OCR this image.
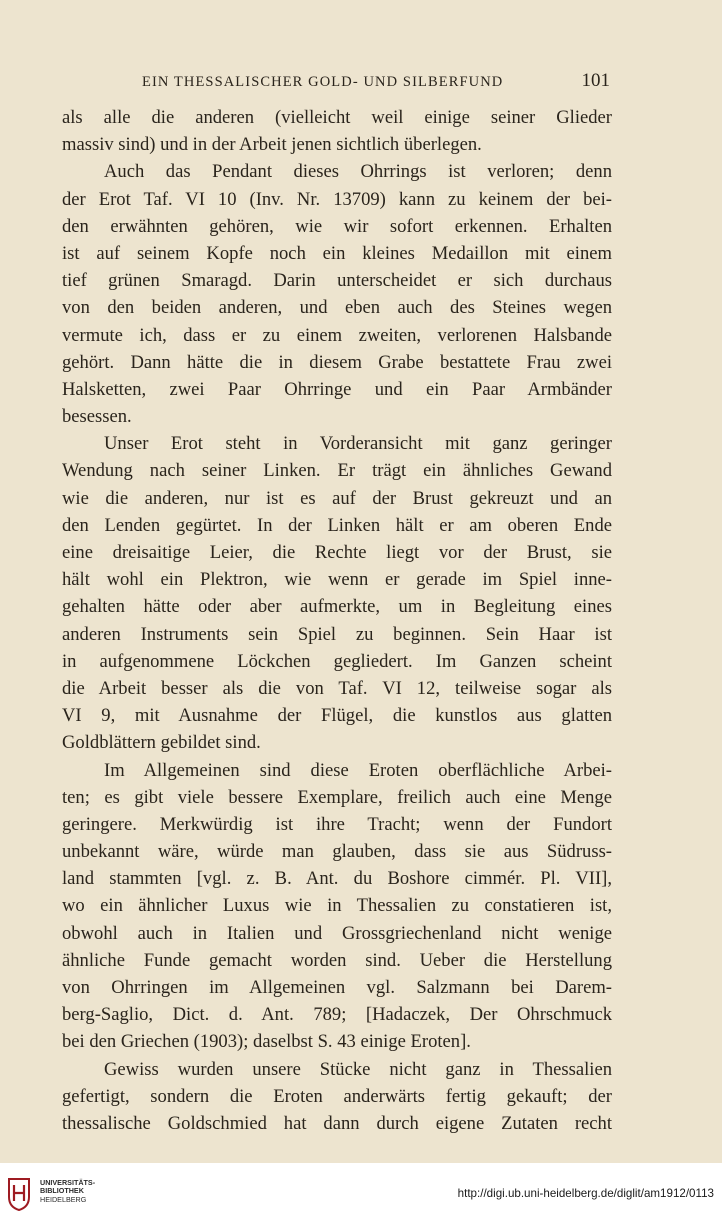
EIN THESSALISCHER GOLD- UND SILBERFUND	101
als alle die anderen (vielleicht weil einige seiner Glieder
massiv sind) und in der Arbeit jenen sichtlich überlegen.
Auch das Pendant dieses Ohrrings ist verloren; denn
der Erot Taf. VI 10 (Inv. Nr. 13709) kann zu keinem der bei-
den erwähnten gehören, wie wir sofort erkennen. Erhalten
ist auf seinem Kopfe noch ein kleines Medaillon mit einem
tief grünen Smaragd. Darin unterscheidet er sich durchaus
von den beiden anderen, und eben auch des Steines wegen
vermute ich, dass er zu einem zweiten, verlorenen Halsbande
gehört. Dann hätte die in diesem Grabe bestattete Frau zwei
Halsketten, zwei Paar Ohrringe und ein Paar Armbänder
besessen.
Unser Erot steht in Vorderansicht mit ganz geringer
Wendung nach seiner Linken. Er trägt ein ähnliches Gewand
wie die anderen, nur ist es auf der Brust gekreuzt und an
den Lenden gegürtet. In der Linken hält er am oberen Ende
eine dreisaitige Leier, die Rechte liegt vor der Brust, sie
hält wohl ein Plektron, wie wenn er gerade im Spiel inne-
gehalten hätte oder aber aufmerkte, um in Begleitung eines
anderen Instruments sein Spiel zu beginnen. Sein Haar ist
in aufgenommene Löckchen gegliedert. Im Ganzen scheint
die Arbeit besser als die von Taf. VI 12, teilweise sogar als
VI 9, mit Ausnahme der Flügel, die kunstlos aus glatten
Goldblättern gebildet sind.
Im Allgemeinen sind diese Eroten oberflächliche Arbei-
ten; es gibt viele bessere Exemplare, freilich auch eine Menge
geringere. Merkwürdig ist ihre Tracht; wenn der Fundort
unbekannt wäre, würde man glauben, dass sie aus Südruss-
land stammten [vgl. z. B. Ant. du Boshore cimmér. Pl. VII],
wo ein ähnlicher Luxus wie in Thessalien zu constatieren ist,
obwohl auch in Italien und Grossgriechenland nicht wenige
ähnliche Funde gemacht worden sind. Ueber die Herstellung
von Ohrringen im Allgemeinen vgl. Salzmann bei Darem-
berg-Saglio, Dict. d. Ant. 789; [Hadaczek, Der Ohrschmuck
bei den Griechen (1903); daselbst S. 43 einige Eroten].
Gewiss wurden unsere Stücke nicht ganz in Thessalien
gefertigt, sondern die Eroten anderwärts fertig gekauft; der
thessalische Goldschmied hat dann durch eigene Zutaten recht
UNIVERSITÄTS-
BIBLIOTHEK
HEIDELBERG	http://digi.ub.uni-heidelberg.de/diglit/am1912/0113
